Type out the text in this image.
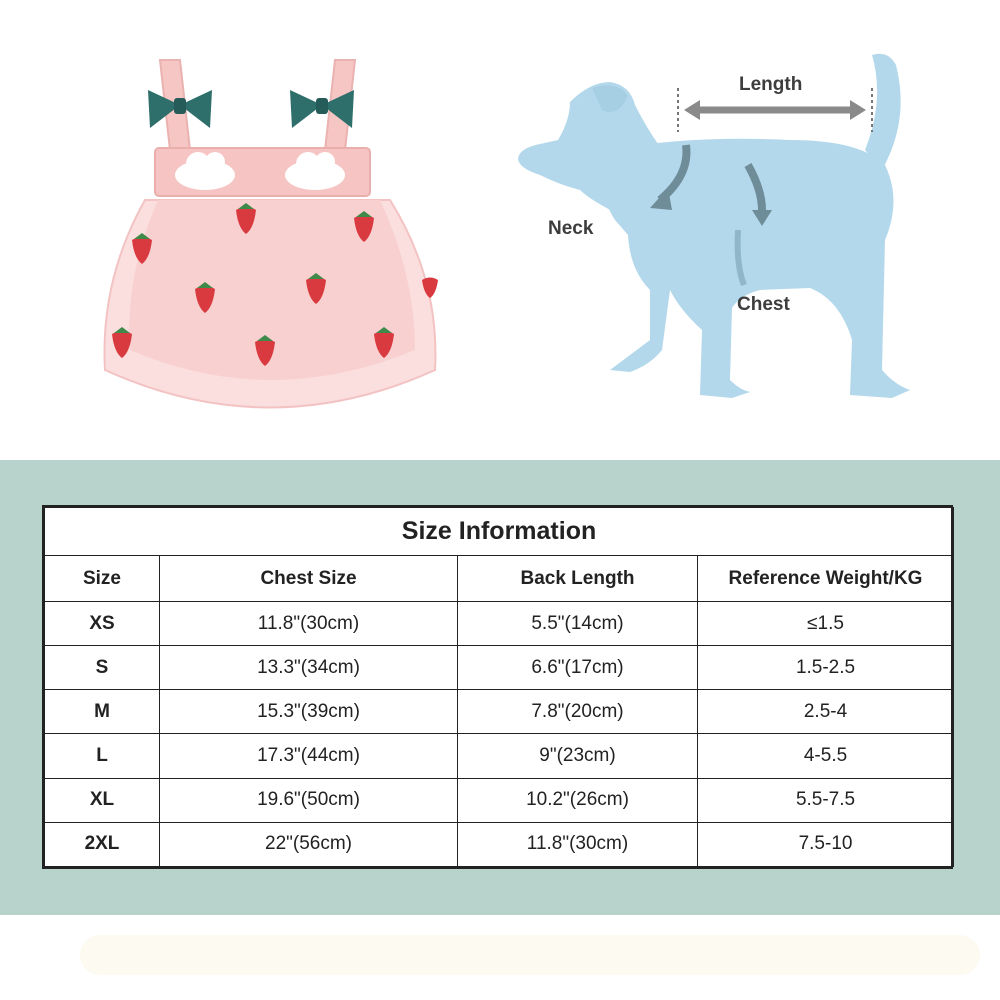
Length
Neck
Chest
Size Information			
Size	Chest Size	Back Length	Reference Weight/KG
XS	11.8"(30cm)	5.5"(14cm)	≤1.5
S	13.3"(34cm)	6.6"(17cm)	1.5-2.5
M	15.3"(39cm)	7.8"(20cm)	2.5-4
L	17.3"(44cm)	9"(23cm)	4-5.5
XL	19.6"(50cm)	10.2"(26cm)	5.5-7.5
2XL	22"(56cm)	11.8"(30cm)	7.5-10
